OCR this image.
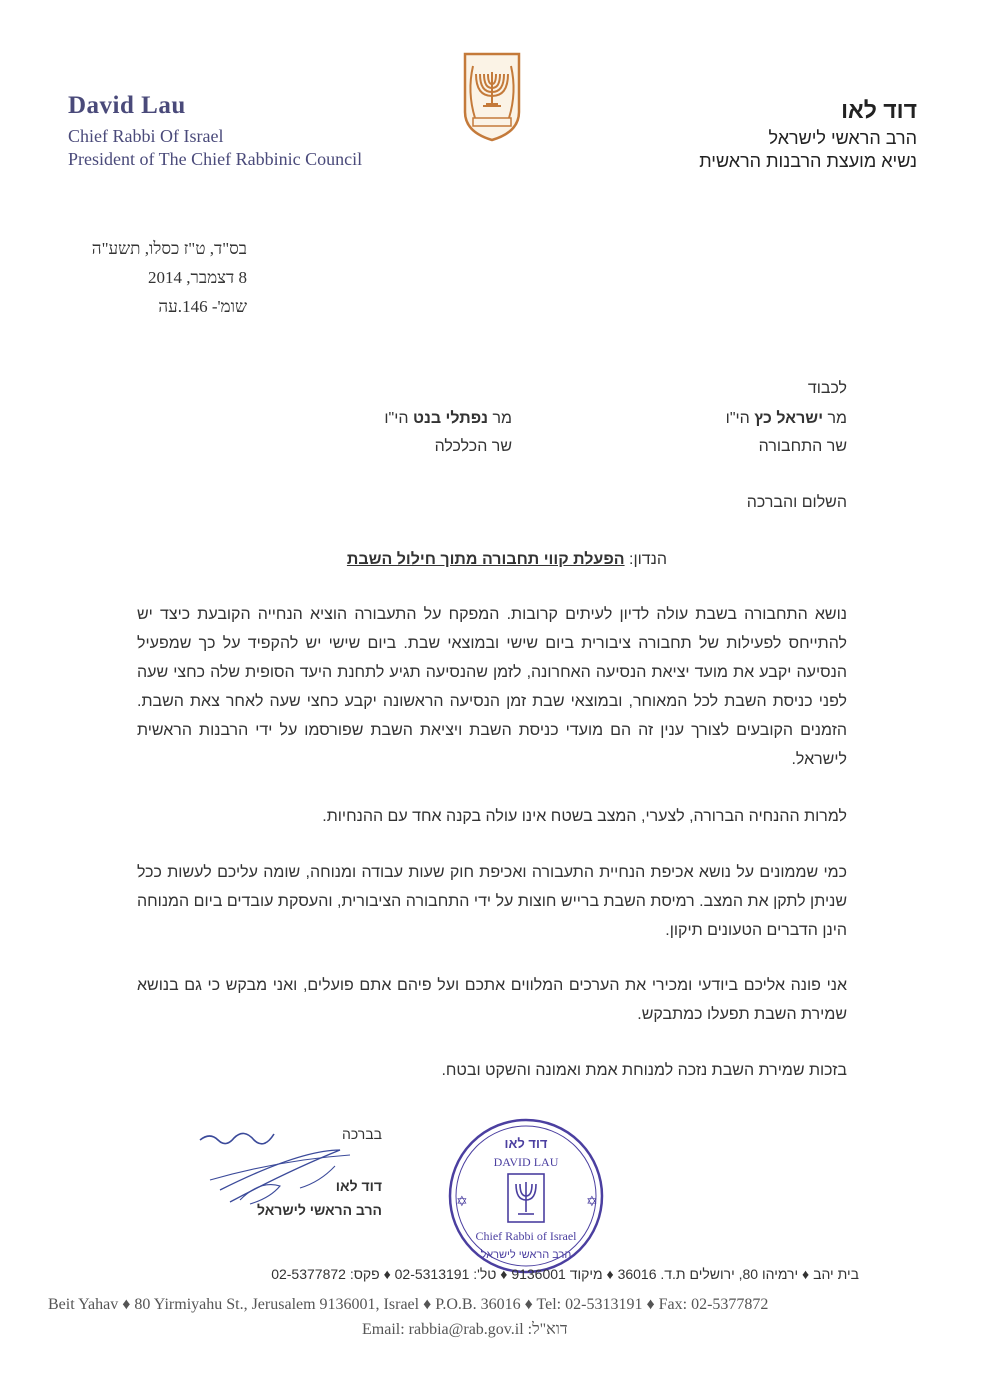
David Lau
Chief Rabbi Of Israel
President of The Chief Rabbinic Council
דוד לאו
הרב הראשי לישראל
נשיא מועצת הרבנות הראשית
בס"ד, ט"ז כסלו, תשע"ה
8 דצמבר, 2014
שומ'- 146.עה
לכבוד
מר ישראל כץ הי"ו
שר התחבורה
מר נפתלי בנט הי"ו
שר הכלכלה
השלום והברכה
הנדון: הפעלת קווי תחבורה מתוך חילול השבת
נושא התחבורה בשבת עולה לדיון לעיתים קרובות. המפקח על התעבורה הוציא הנחייה הקובעת כיצד יש להתייחס לפעילות של תחבורה ציבורית ביום שישי ובמוצאי שבת. ביום שישי יש להקפיד על כך שמפעיל הנסיעה יקבע את מועד יציאת הנסיעה האחרונה, לזמן שהנסיעה תגיע לתחנת היעד הסופית שלה כחצי שעה לפני כניסת השבת לכל המאוחר, ובמוצאי שבת זמן הנסיעה הראשונה יקבע כחצי שעה לאחר צאת השבת. הזמנים הקובעים לצורך ענין זה הם מועדי כניסת השבת ויציאת השבת שפורסמו על ידי הרבנות הראשית לישראל.
למרות ההנחיה הברורה, לצערי, המצב בשטח אינו עולה בקנה אחד עם ההנחיות.
כמי שממונים על נושא אכיפת הנחיית התעבורה ואכיפת חוק שעות עבודה ומנוחה, שומה עליכם לעשות ככל שניתן לתקן את המצב. רמיסת השבת ברייש חוצות על ידי התחבורה הציבורית, והעסקת עובדים ביום המנוחה הינן הדברים הטעונים תיקון.
אני פונה אליכם ביודעי ומכירי את הערכים המלווים אתכם ועל פיהם אתם פועלים, ואני מבקש כי גם בנושא שמירת השבת תפעלו כמתבקש.
בזכות שמירת השבת נזכה למנוחת אמת ואמונה והשקט ובטח.
בברכה
דוד לאו
הרב הראשי לישראל
דוד לאו
DAVID LAU
Chief Rabbi of Israel
הרב הראשי לישראל
✡	✡
בית יהב ♦ ירמיהו 80, ירושלים ת.ד. 36016 ♦ מיקוד 9136001 ♦ טל': 02-5313191 ♦ פקס: 02-5377872
Beit Yahav ♦ 80 Yirmiyahu St., Jerusalem 9136001, Israel ♦ P.O.B. 36016 ♦ Tel: 02-5313191 ♦ Fax: 02-5377872
Email: rabbia@rab.gov.il :דוא"ל
